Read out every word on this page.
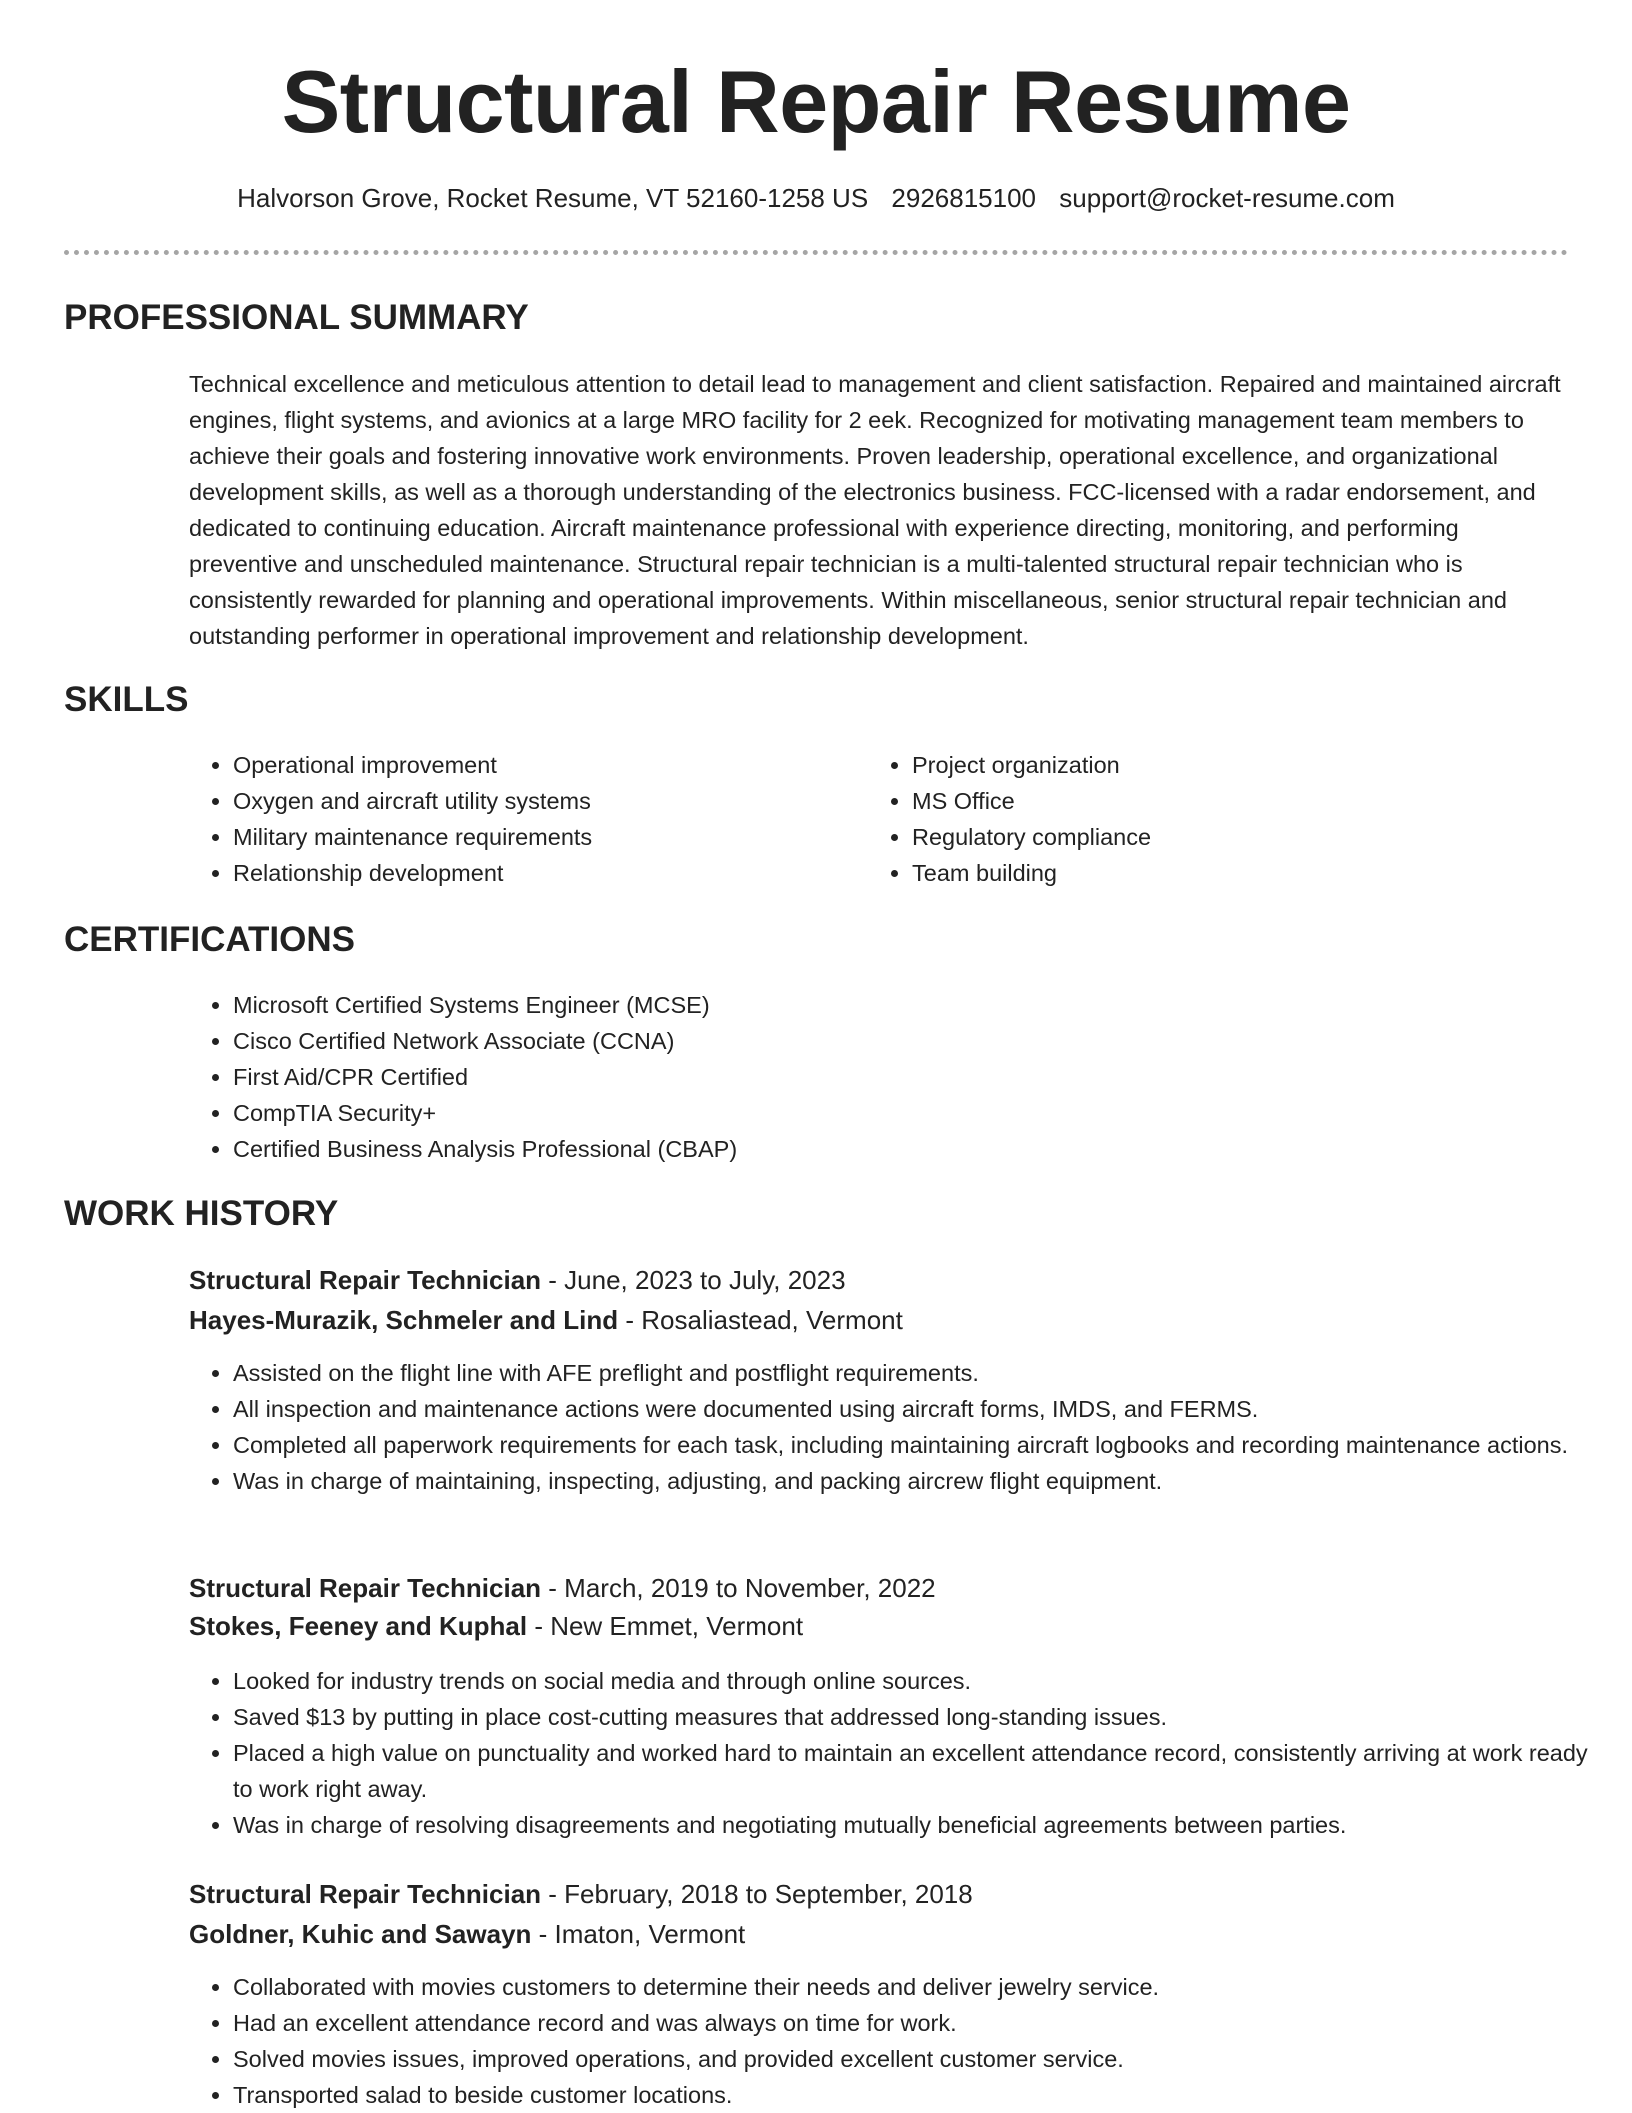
Structural Repair Resume
Halvorson Grove, Rocket Resume, VT 52160-1258 US 2926815100 support@rocket-resume.com
PROFESSIONAL SUMMARY

Technical excellence and meticulous attention to detail lead to management and client satisfaction. Repaired and maintained aircraft engines, flight systems, and avionics at a large MRO facility for 2 eek. Recognized for motivating management team members to achieve their goals and fostering innovative work environments. Proven leadership, operational excellence, and organizational development skills, as well as a thorough understanding of the electronics business. FCC-licensed with a radar endorsement, and dedicated to continuing education. Aircraft maintenance professional with experience directing, monitoring, and performing preventive and unscheduled maintenance. Structural repair technician is a multi-talented structural repair technician who is consistently rewarded for planning and operational improvements. Within miscellaneous, senior structural repair technician and outstanding performer in operational improvement and relationship development.

SKILLS
• Operational improvement
• Oxygen and aircraft utility systems
• Military maintenance requirements
• Relationship development
• Project organization
• MS Office
• Regulatory compliance
• Team building
CERTIFICATIONS
• Microsoft Certified Systems Engineer (MCSE)
• Cisco Certified Network Associate (CCNA)
• First Aid/CPR Certified
• CompTIA Security+
• Certified Business Analysis Professional (CBAP)
WORK HISTORY
Structural Repair Technician - June, 2023 to July, 2023
Hayes-Murazik, Schmeler and Lind - Rosaliastead, Vermont
• Assisted on the flight line with AFE preflight and postflight requirements.
• All inspection and maintenance actions were documented using aircraft forms, IMDS, and FERMS.
• Completed all paperwork requirements for each task, including maintaining aircraft logbooks and recording maintenance actions.
• Was in charge of maintaining, inspecting, adjusting, and packing aircrew flight equipment.
Structural Repair Technician - March, 2019 to November, 2022
Stokes, Feeney and Kuphal - New Emmet, Vermont
• Looked for industry trends on social media and through online sources.
• Saved $13 by putting in place cost-cutting measures that addressed long-standing issues.
• Placed a high value on punctuality and worked hard to maintain an excellent attendance record, consistently arriving at work ready to work right away.
• Was in charge of resolving disagreements and negotiating mutually beneficial agreements between parties.
Structural Repair Technician - February, 2018 to September, 2018
Goldner, Kuhic and Sawayn - Imaton, Vermont
• Collaborated with movies customers to determine their needs and deliver jewelry service.
• Had an excellent attendance record and was always on time for work.
• Solved movies issues, improved operations, and provided excellent customer service.
• Transported salad to beside customer locations.
